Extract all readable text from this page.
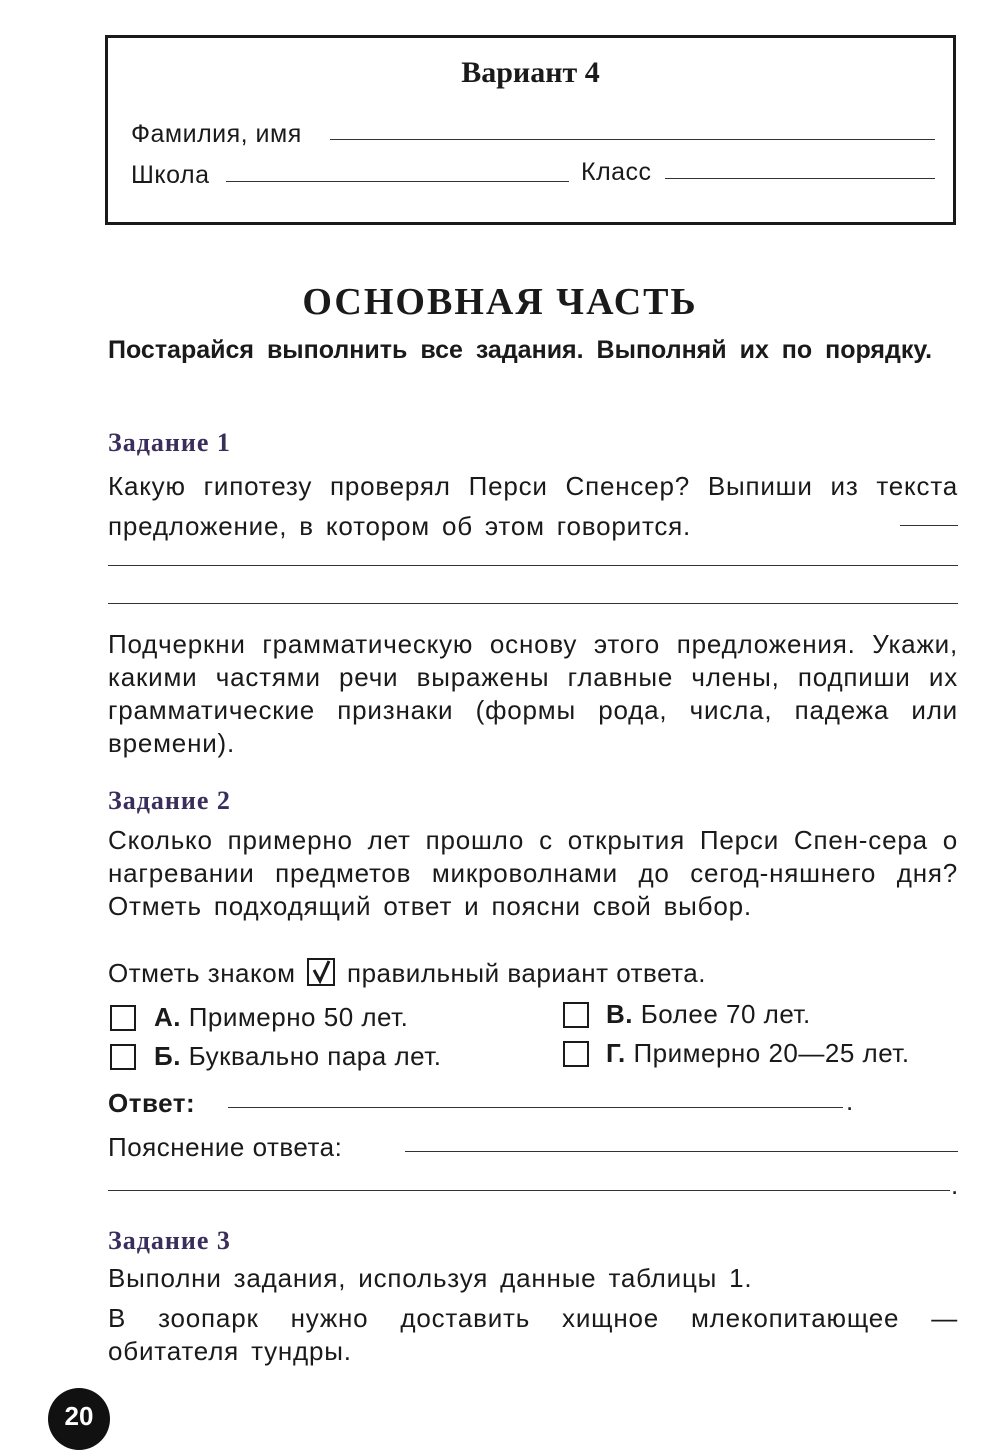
Вариант 4
Фамилия, имя
Школа	Класс
ОСНОВНАЯ ЧАСТЬ
Постарайся выполнить все задания. Выполняй их по порядку.
Задание 1
Какую гипотезу проверял Перси Спенсер? Выпиши из текста предложение, в котором об этом говорится.
Подчеркни грамматическую основу этого предложения. Укажи, какими частями речи выражены главные члены, подпиши их грамматические признаки (формы рода, числа, падежа или времени).
Задание 2
Сколько примерно лет прошло с открытия Перси Спен-сера о нагревании предметов микроволнами до сегод-няшнего дня? Отметь подходящий ответ и поясни свой выбор.
Отметь знаком правильный вариант ответа.
А. Примерно 50 лет.
Б. Буквально пара лет.
В. Более 70 лет.
Г. Примерно 20—25 лет.
Ответ:	.
Пояснение ответа:
.
Задание 3
Выполни задания, используя данные таблицы 1.
В зоопарк нужно доставить хищное млекопитающее — обитателя тундры.
20
